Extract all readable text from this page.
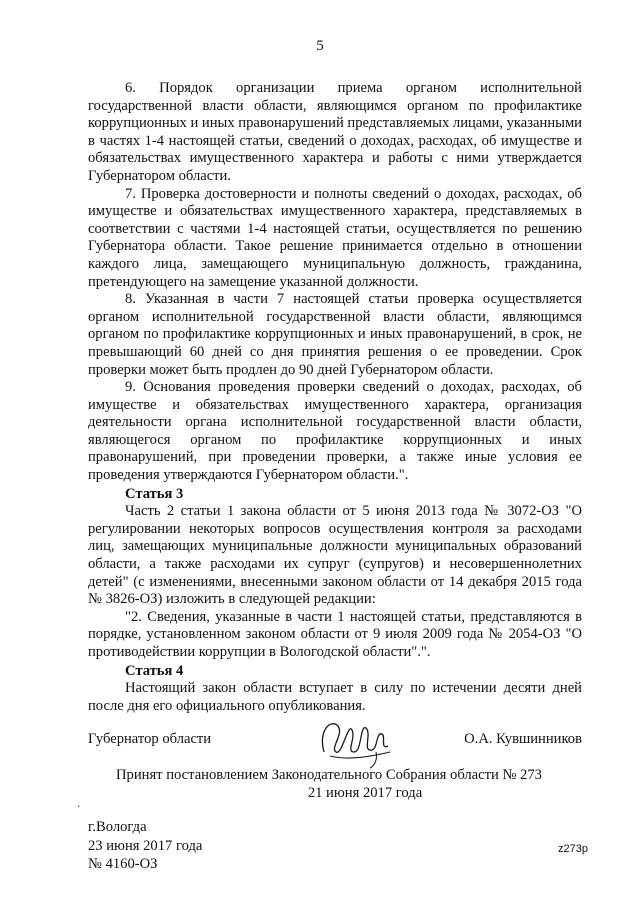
5

6. Порядок организации приема органом исполнительной государственной власти области, являющимся органом по профилактике коррупционных и иных правонарушений представляемых лицами, указанными в частях 1-4 настоящей статьи, сведений о доходах, расходах, об имуществе и обязательствах имущественного характера и работы с ними утверждается Губернатором области.

7. Проверка достоверности и полноты сведений о доходах, расходах, об имуществе и обязательствах имущественного характера, представляемых в соответствии с частями 1-4 настоящей статьи, осуществляется по решению Губернатора области. Такое решение принимается отдельно в отношении каждого лица, замещающего муниципальную должность, гражданина, претендующего на замещение указанной должности.

8. Указанная в части 7 настоящей статьи проверка осуществляется органом исполнительной государственной власти области, являющимся органом по профилактике коррупционных и иных правонарушений, в срок, не превышающий 60 дней со дня принятия решения о ее проведении. Срок проверки может быть продлен до 90 дней Губернатором области.

9. Основания проведения проверки сведений о доходах, расходах, об имуществе и обязательствах имущественного характера, организация деятельности органа исполнительной государственной власти области, являющегося органом по профилактике коррупционных и иных правонарушений, при проведении проверки, а также иные условия ее проведения утверждаются Губернатором области.".

Статья 3

Часть 2 статьи 1 закона области от 5 июня 2013 года № 3072-ОЗ "О регулировании некоторых вопросов осуществления контроля за расходами лиц, замещающих муниципальные должности муниципальных образований области, а также расходами их супруг (супругов) и несовершеннолетних детей" (с изменениями, внесенными законом области от 14 декабря 2015 года № 3826-ОЗ) изложить в следующей редакции:

"2. Сведения, указанные в части 1 настоящей статьи, представляются в порядке, установленном законом области от 9 июля 2009 года № 2054-ОЗ "О противодействии коррупции в Вологодской области".".

Статья 4

Настоящий закон области вступает в силу по истечении десяти дней после дня его официального опубликования.

Губернатор области	О.А. Кувшинников
Принят постановлением Законодательного Собрания области № 273
21 июня 2017 года
.
г.Вологда
23 июня 2017 года
№ 4160-ОЗ
z273p
